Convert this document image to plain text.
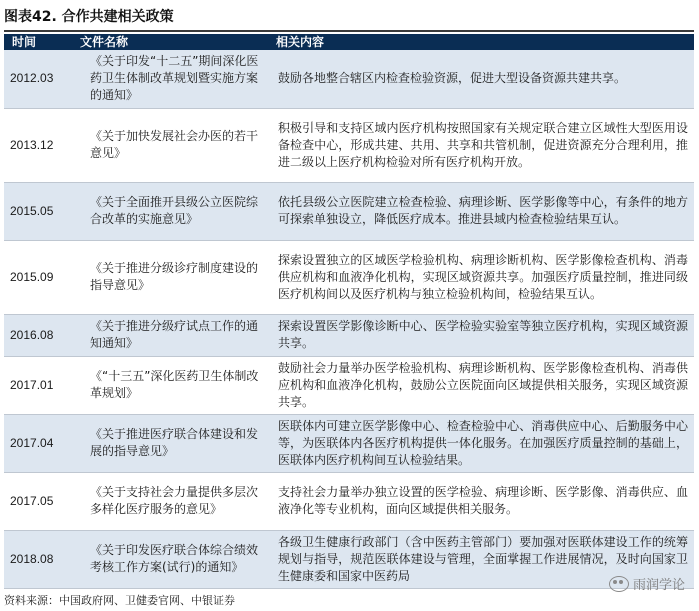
图表42. 合作共建相关政策
时间	文件名称	相关内容
2012.03	《关于印发“十二五”期间深化医药卫生体制改革规划暨实施方案的通知》	鼓励各地整合辖区内检查检验资源，促进大型设备资源共建共享。
2013.12	《关于加快发展社会办医的若干意见》	积极引导和支持区域内医疗机构按照国家有关规定联合建立区域性大型医用设备检查中心，形成共建、共用、共享和共管机制，促进资源充分合理利用，推进二级以上医疗机构检验对所有医疗机构开放。
2015.05	《关于全面推开县级公立医院综合改革的实施意见》	依托县级公立医院建立检查检验、病理诊断、医学影像等中心，有条件的地方可探索单独设立，降低医疗成本。推进县域内检查检验结果互认。
2015.09	《关于推进分级诊疗制度建设的指导意见》	探索设置独立的区域医学检验机构、病理诊断机构、医学影像检查机构、消毒供应机构和血液净化机构，实现区域资源共享。加强医疗质量控制，推进同级医疗机构间以及医疗机构与独立检验机构间，检验结果互认。
2016.08	《关于推进分级疗试点工作的通知通知》	探索设置医学影像诊断中心、医学检验实验室等独立医疗机构，实现区域资源共享。
2017.01	《“十三五”深化医药卫生体制改革规划》	鼓励社会力量举办医学检验机构、病理诊断机构、医学影像检查机构、消毒供应机构和血液净化机构，鼓励公立医院面向区域提供相关服务，实现区域资源共享。
2017.04	《关于推进医疗联合体建设和发展的指导意见》	医联体内可建立医学影像中心、检查检验中心、消毒供应中心、后勤服务中心等，为医联体内各医疗机构提供一体化服务。在加强医疗质量控制的基础上，医联体内医疗机构间互认检验结果。
2017.05	《关于支持社会力量提供多层次多样化医疗服务的意见》	支持社会力量举办独立设置的医学检验、病理诊断、医学影像、消毒供应、血液净化等专业机构，面向区域提供相关服务。
2018.08	《关于印发医疗联合体综合绩效考核工作方案(试行)的通知》	各级卫生健康行政部门（含中医药主管部门）要加强对医联体建设工作的统筹规划与指导，规范医联体建设与管理，全面掌握工作进展情况，及时向国家卫生健康委和国家中医药局
雨润学论
资料来源：中国政府网、卫健委官网、中银证券
